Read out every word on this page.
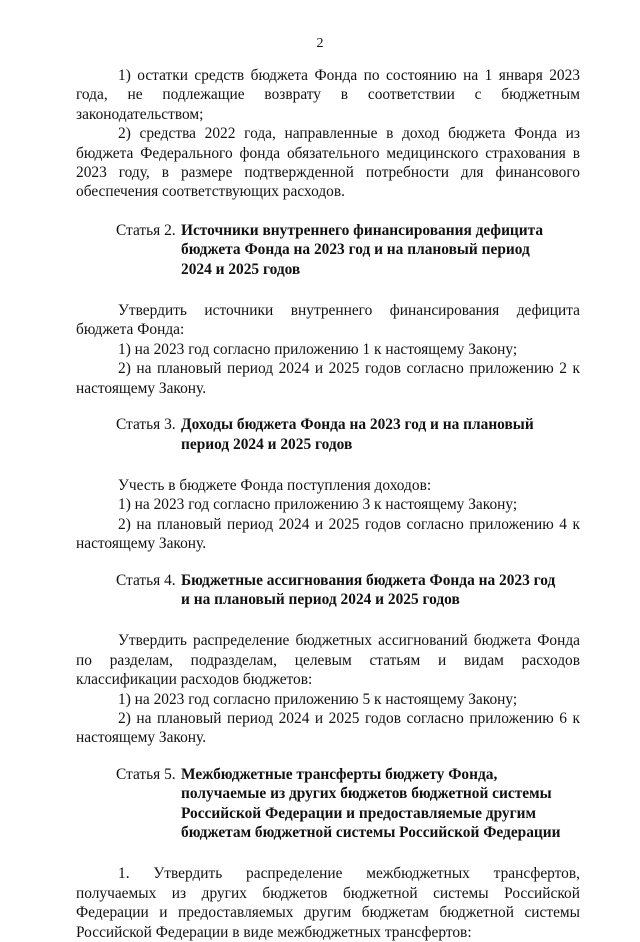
2

1) остатки средств бюджета Фонда по состоянию на 1 января 2023 года, не подлежащие возврату в соответствии с бюджетным законодательством;

2) средства 2022 года, направленные в доход бюджета Фонда из бюджета Федерального фонда обязательного медицинского страхования в 2023 году, в размере подтвержденной потребности для финансового обеспечения соответствующих расходов.

Статья 2. Источники внутреннего финансирования дефицита
бюджета Фонда на 2023 год и на плановый период
2024 и 2025 годов

Утвердить источники внутреннего финансирования дефицита бюджета Фонда:

1) на 2023 год согласно приложению 1 к настоящему Закону;

2) на плановый период 2024 и 2025 годов согласно приложению 2 к настоящему Закону.

Статья 3. Доходы бюджета Фонда на 2023 год и на плановый
период 2024 и 2025 годов

Учесть в бюджете Фонда поступления доходов:

1) на 2023 год согласно приложению 3 к настоящему Закону;

2) на плановый период 2024 и 2025 годов согласно приложению 4 к настоящему Закону.

Статья 4. Бюджетные ассигнования бюджета Фонда на 2023 год
и на плановый период 2024 и 2025 годов

Утвердить распределение бюджетных ассигнований бюджета Фонда по разделам, подразделам, целевым статьям и видам расходов классификации расходов бюджетов:

1) на 2023 год согласно приложению 5 к настоящему Закону;

2) на плановый период 2024 и 2025 годов согласно приложению 6 к настоящему Закону.

Статья 5. Межбюджетные трансферты бюджету Фонда,
получаемые из других бюджетов бюджетной системы
Российской Федерации и предоставляемые другим
бюджетам бюджетной системы Российской Федерации

1. Утвердить распределение межбюджетных трансфертов, получаемых из других бюджетов бюджетной системы Российской Федерации и предоставляемых другим бюджетам бюджетной системы Российской Федерации в виде межбюджетных трансфертов:
